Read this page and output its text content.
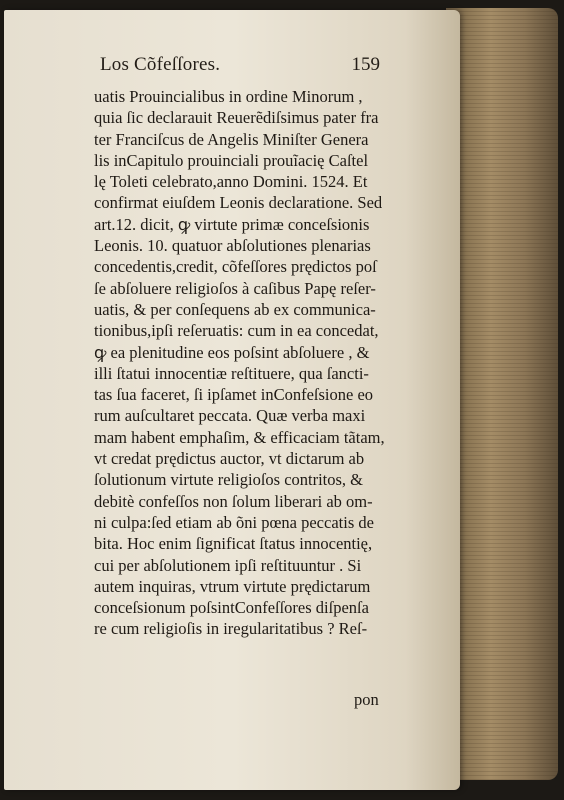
Los Cõfeſſores.	159
uatis Prouincialibus in ordine Minorum ,
quia ſic declarauit Reuerẽdiſsimus pater fra
ter Franciſcus de Angelis Miniſter Genera
lis inCapitulo prouinciali prouĩacię Caſtel
lę Toleti celebrato,anno Domini. 1524. Et
confirmat eiuſdem Leonis declaratione. Sed
art.12. dicit, ꝙ virtute primæ conceſsionis
Leonis. 10. quatuor abſolutiones plenarias
concedentis,credit, cõfeſſores prędictos poſ
ſe abſoluere religioſos à caſibus Papę reſer-
uatis, & per conſequens ab ex communica-
tionibus,ipſi reſeruatis: cum in ea concedat,
ꝙ ea plenitudine eos poſsint abſoluere , &
illi ſtatui innocentiæ reſtituere, qua ſancti-
tas ſua faceret, ſi ipſamet inConfeſsione eo
rum auſcultaret peccata. Quæ verba maxi
mam habent emphaſim, & efficaciam tãtam,
vt credat prędictus auctor, vt dictarum ab
ſolutionum virtute religioſos contritos, &
debitè confeſſos non ſolum liberari ab om-
ni culpa:ſed etiam ab õni pœna peccatis de
bita. Hoc enim ſignificat ſtatus innocentię,
cui per abſolutionem ipſi reſtituuntur . Si
autem inquiras, vtrum virtute prędictarum
conceſsionum poſsintConfeſſores diſpenſa
re cum religioſis in iregularitatibus ? Reſ-
pon
